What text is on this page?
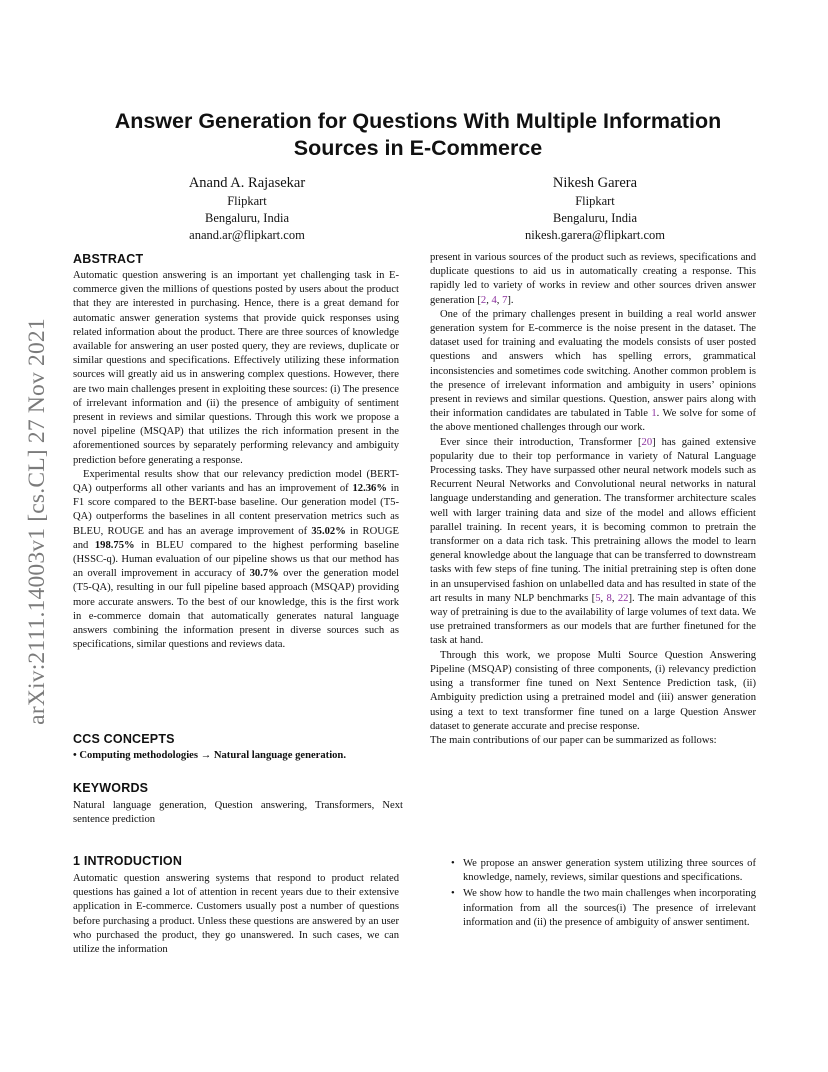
arXiv:2111.14003v1 [cs.CL] 27 Nov 2021
Answer Generation for Questions With Multiple Information Sources in E-Commerce
Anand A. Rajasekar
Flipkart
Bengaluru, India
anand.ar@flipkart.com
Nikesh Garera
Flipkart
Bengaluru, India
nikesh.garera@flipkart.com
ABSTRACT

Automatic question answering is an important yet challenging task in E-commerce given the millions of questions posted by users about the product that they are interested in purchasing. Hence, there is a great demand for automatic answer generation systems that provide quick responses using related information about the product. There are three sources of knowledge available for answering an user posted query, they are reviews, duplicate or similar questions and specifications. Effectively utilizing these information sources will greatly aid us in answering complex questions. However, there are two main challenges present in exploiting these sources: (i) The presence of irrelevant information and (ii) the presence of ambiguity of sentiment present in reviews and similar questions. Through this work we propose a novel pipeline (MSQAP) that utilizes the rich information present in the aforementioned sources by separately performing relevancy and ambiguity prediction before generating a response.

Experimental results show that our relevancy prediction model (BERT-QA) outperforms all other variants and has an improvement of 12.36% in F1 score compared to the BERT-base baseline. Our generation model (T5-QA) outperforms the baselines in all content preservation metrics such as BLEU, ROUGE and has an average improvement of 35.02% in ROUGE and 198.75% in BLEU compared to the highest performing baseline (HSSC-q). Human evaluation of our pipeline shows us that our method has an overall improvement in accuracy of 30.7% over the generation model (T5-QA), resulting in our full pipeline based approach (MSQAP) providing more accurate answers. To the best of our knowledge, this is the first work in e-commerce domain that automatically generates natural language answers combining the information present in diverse sources such as specifications, similar questions and reviews data.

CCS CONCEPTS
• Computing methodologies → Natural language generation.
KEYWORDS
Natural language generation, Question answering, Transformers, Next sentence prediction
1 INTRODUCTION

Automatic question answering systems that respond to product related questions has gained a lot of attention in recent years due to their extensive application in E-commerce. Customers usually post a number of questions before purchasing a product. Unless these questions are answered by an user who purchased the product, they go unanswered. In such cases, we can utilize the information

present in various sources of the product such as reviews, specifications and duplicate questions to aid us in automatically creating a response. This rapidly led to variety of works in review and other sources driven answer generation [2, 4, 7].

One of the primary challenges present in building a real world answer generation system for E-commerce is the noise present in the dataset. The dataset used for training and evaluating the models consists of user posted questions and answers which has spelling errors, grammatical inconsistencies and sometimes code switching. Another common problem is the presence of irrelevant information and ambiguity in users’ opinions present in reviews and similar questions. Question, answer pairs along with their information candidates are tabulated in Table 1. We solve for some of the above mentioned challenges through our work.

Ever since their introduction, Transformer [20] has gained extensive popularity due to their top performance in variety of Natural Language Processing tasks. They have surpassed other neural network models such as Recurrent Neural Networks and Convolutional neural networks in natural language understanding and generation. The transformer architecture scales well with larger training data and size of the model and allows efficient parallel training. In recent years, it is becoming common to pretrain the transformer on a data rich task. This pretraining allows the model to learn general knowledge about the language that can be transferred to downstream tasks with few steps of fine tuning. The initial pretraining step is often done in an unsupervised fashion on unlabelled data and has resulted in state of the art results in many NLP benchmarks [5, 8, 22]. The main advantage of this way of pretraining is due to the availability of large volumes of text data. We use pretrained transformers as our models that are further finetuned for the task at hand.

Through this work, we propose Multi Source Question Answering Pipeline (MSQAP) consisting of three components, (i) relevancy prediction using a transformer fine tuned on Next Sentence Prediction task, (ii) Ambiguity prediction using a pretrained model and (iii) answer generation using a text to text transformer fine tuned on a large Question Answer dataset to generate accurate and precise response.

The main contributions of our paper can be summarized as follows:

• We propose an answer generation system utilizing three sources of knowledge, namely, reviews, similar questions and specifications.
• We show how to handle the two main challenges when incorporating information from all the sources(i) The presence of irrelevant information and (ii) the presence of ambiguity of answer sentiment.
